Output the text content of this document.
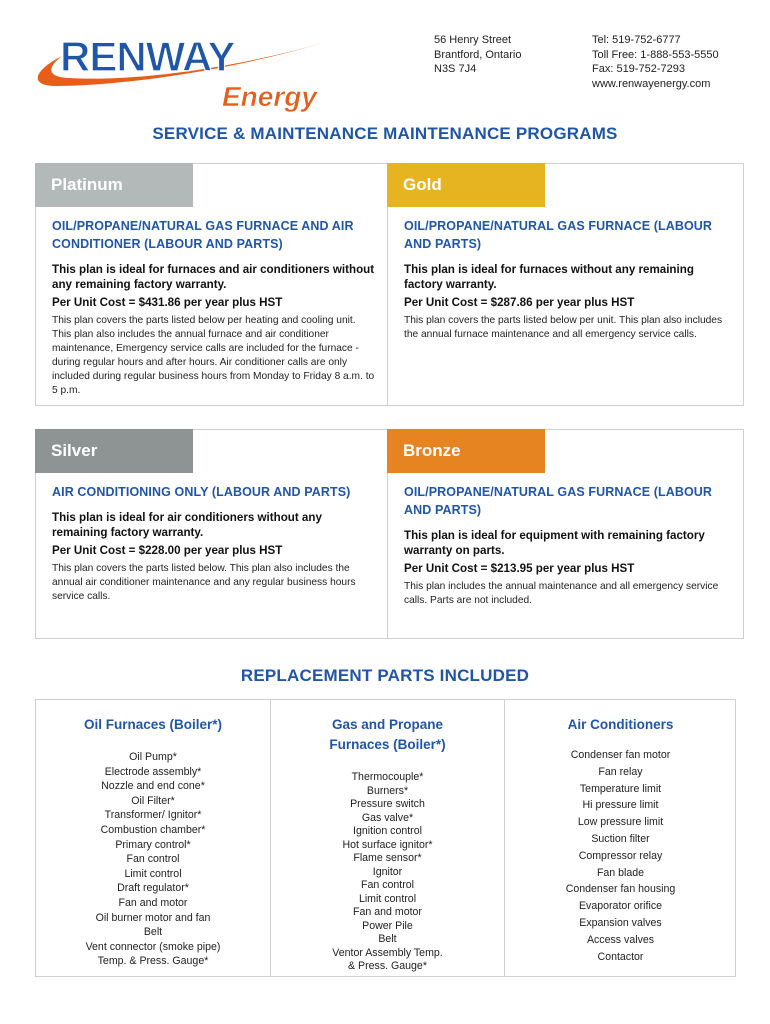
RENWAY
Energy
56 Henry Street
Brantford, Ontario
N3S 7J4
Tel: 519-752-6777
Toll Free: 1-888-553-5550
Fax: 519-752-7293
www.renwayenergy.com
SERVICE & MAINTENANCE MAINTENANCE PROGRAMS
Platinum
OIL/PROPANE/NATURAL GAS FURNACE AND AIR CONDITIONER (LABOUR AND PARTS)
This plan is ideal for furnaces and air conditioners without any remaining factory warranty.
Per Unit Cost = $431.86 per year plus HST
This plan covers the parts listed below per heating and cooling unit. This plan also includes the annual furnace and air conditioner maintenance, Emergency service calls are included for the furnace - during regular hours and after hours. Air conditioner calls are only included during regular business hours from Monday to Friday 8 a.m. to 5 p.m.
Gold
OIL/PROPANE/NATURAL GAS FURNACE (LABOUR AND PARTS)
This plan is ideal for furnaces without any remaining factory warranty.
Per Unit Cost = $287.86 per year plus HST
This plan covers the parts listed below per unit. This plan also includes the annual furnace maintenance and all emergency service calls.
Silver
AIR CONDITIONING ONLY (LABOUR AND PARTS)
This plan is ideal for air conditioners without any remaining factory warranty.
Per Unit Cost = $228.00 per year plus HST
This plan covers the parts listed below. This plan also includes the annual air conditioner maintenance and any regular business hours service calls.
Bronze
OIL/PROPANE/NATURAL GAS FURNACE (LABOUR AND PARTS)
This plan is ideal for equipment with remaining factory warranty on parts.
Per Unit Cost = $213.95 per year plus HST
This plan includes the annual maintenance and all emergency service calls. Parts are not included.
REPLACEMENT PARTS INCLUDED
Oil Furnaces (Boiler*)
Oil Pump*
Electrode assembly*
Nozzle and end cone*
Oil Filter*
Transformer/ Ignitor*
Combustion chamber*
Primary control*
Fan control
Limit control
Draft regulator*
Fan and motor
Oil burner motor and fan
Belt
Vent connector (smoke pipe)
Temp. & Press. Gauge*
Gas and Propane
Furnaces (Boiler*)
Thermocouple*
Burners*
Pressure switch
Gas valve*
Ignition control
Hot surface ignitor*
Flame sensor*
Ignitor
Fan control
Limit control
Fan and motor
Power Pile
Belt
Ventor Assembly Temp.
& Press. Gauge*
Air Conditioners
Condenser fan motor
Fan relay
Temperature limit
Hi pressure limit
Low pressure limit
Suction filter
Compressor relay
Fan blade
Condenser fan housing
Evaporator orifice
Expansion valves
Access valves
Contactor
